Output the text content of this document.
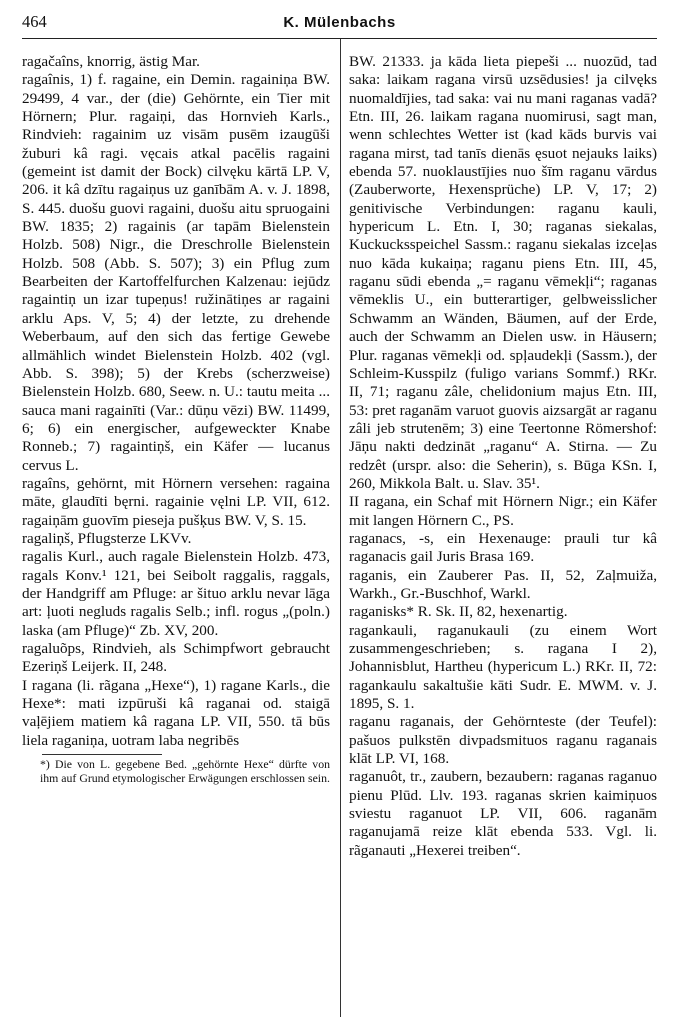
464	K. Mülenbachs

ragačaîns, knorrig, ästig Mar.

ragaînis, 1) f. ragaine, ein Demin. ragainiņa BW. 29499, 4 var., der (die) Gehörnte, ein Tier mit Hörnern; Plur. ragaiņi, das Hornvieh Karls., Rindvieh: ragainim uz visām pusēm izaugūši žuburi kâ ragi. vęcais atkal pacēlis ragaini (gemeint ist damit der Bock) cilvęku kārtā LP. V, 206. it kâ dzītu ragaiņus uz ganībām A. v. J. 1898, S. 445. duošu guovi ragaini, duošu aitu spruogaini BW. 1835; 2) ragainis (ar tapām Bielenstein Holzb. 508) Nigr., die Dreschrolle Bielenstein Holzb. 508 (Abb. S. 507); 3) ein Pflug zum Bearbeiten der Kartoffelfurchen Kalzenau: iejūdz ragaintiņ un izar tupeņus! ružinātiņes ar ragaini arklu Aps. V, 5; 4) der letzte, zu drehende Weberbaum, auf den sich das fertige Gewebe allmählich windet Bielenstein Holzb. 402 (vgl. Abb. S. 398); 5) der Krebs (scherzweise) Bielenstein Holzb. 680, Seew. n. U.: tautu meita ... sauca mani ragainīti (Var.: dūņu vēzi) BW. 11499, 6; 6) ein energischer, aufgeweckter Knabe Ronneb.; 7) ragaintiņš, ein Käfer — lucanus cervus L.

ragaîns, gehörnt, mit Hörnern versehen: ragaina māte, glaudīti bęrni. ragainie vęlni LP. VII, 612. ragaiņām guovīm pieseja pušķus BW. V, S. 15.

ragaliņš, Pflugsterze LKVv.

ragalis Kurl., auch ragale Bielenstein Holzb. 473, ragals Konv.¹ 121, bei Seibolt raggalis, raggals, der Handgriff am Pfluge: ar šituo arklu nevar lāga art: ļuoti negluds ragalis Selb.; infl. rogus „(poln.) laska (am Pfluge)“ Zb. XV, 200.

ragaluõps, Rindvieh, als Schimpfwort gebraucht Ezeriņš Leijerk. II, 248.

I ragana (li. rãgana „Hexe“), 1) ragane Karls., die Hexe*: mati izpūruši kâ raganai od. staigā vaļējiem matiem kâ ragana LP. VII, 550. tā būs liela raganiņa, uotram laba negribēs

*) Die von L. gegebene Bed. „gehörnte Hexe“ dürfte von ihm auf Grund etymologischer Erwägungen erschlossen sein.

BW. 21333. ja kāda lieta piepeši ... nuozūd, tad saka: laikam ragana virsū uzsēdusies! ja cilvęks nuomaldījies, tad saka: vai nu mani raganas vadā? Etn. III, 26. laikam ragana nuomirusi, sagt man, wenn schlechtes Wetter ist (kad kāds burvis vai ragana mirst, tad tanīs dienās ęsuot nejauks laiks) ebenda 57. nuoklaustījies nuo šīm raganu vārdus (Zauberworte, Hexensprüche) LP. V, 17; 2) genitivische Verbindungen: raganu kauli, hypericum L. Etn. I, 30; raganas siekalas, Kuckucksspeichel Sassm.: raganu siekalas izceļas nuo kāda kukaiņa; raganu piens Etn. III, 45, raganu sūdi ebenda „= raganu vēmekļi“; raganas vēmeklis U., ein butterartiger, gelbweisslicher Schwamm an Wänden, Bäumen, auf der Erde, auch der Schwamm an Dielen usw. in Häusern; Plur. raganas vēmekļi od. spļaudekļi (Sassm.), der Schleim-Kusspilz (fuligo varians Sommf.) RKr. II, 71; raganu zâle, chelidonium majus Etn. III, 53: pret raganām varuot guovis aizsargāt ar raganu zâli jeb strutenēm; 3) eine Teertonne Römershof: Jāņu nakti dedzināt „raganu“ A. Stirna. — Zu redzêt (urspr. also: die Seherin), s. Būga KSn. I, 260, Mikkola Balt. u. Slav. 35¹.

II ragana, ein Schaf mit Hörnern Nigr.; ein Käfer mit langen Hörnern C., PS.

raganacs, -s, ein Hexenauge: prauli tur kâ raganacis gail Juris Brasa 169.

raganis, ein Zauberer Pas. II, 52, Zaļmuiža, Warkh., Gr.-Buschhof, Warkl.

raganisks* R. Sk. II, 82, hexenartig.

ragankauli, raganukauli (zu einem Wort zusammengeschrieben; s. ragana I 2), Johannisblut, Hartheu (hypericum L.) RKr. II, 72: ragankaulu sakaltušie kāti Sudr. E. MWM. v. J. 1895, S. 1.

raganu raganais, der Gehörnteste (der Teufel): pašuos pulkstēn divpadsmituos raganu raganais klāt LP. VI, 168.

raganuôt, tr., zaubern, bezaubern: raganas raganuo pienu Plūd. Llv. 193. raganas skrien kaimiņuos sviestu raganuot LP. VII, 606. raganām raganujamā reize klāt ebenda 533. Vgl. li. rãganauti „Hexerei treiben“.
